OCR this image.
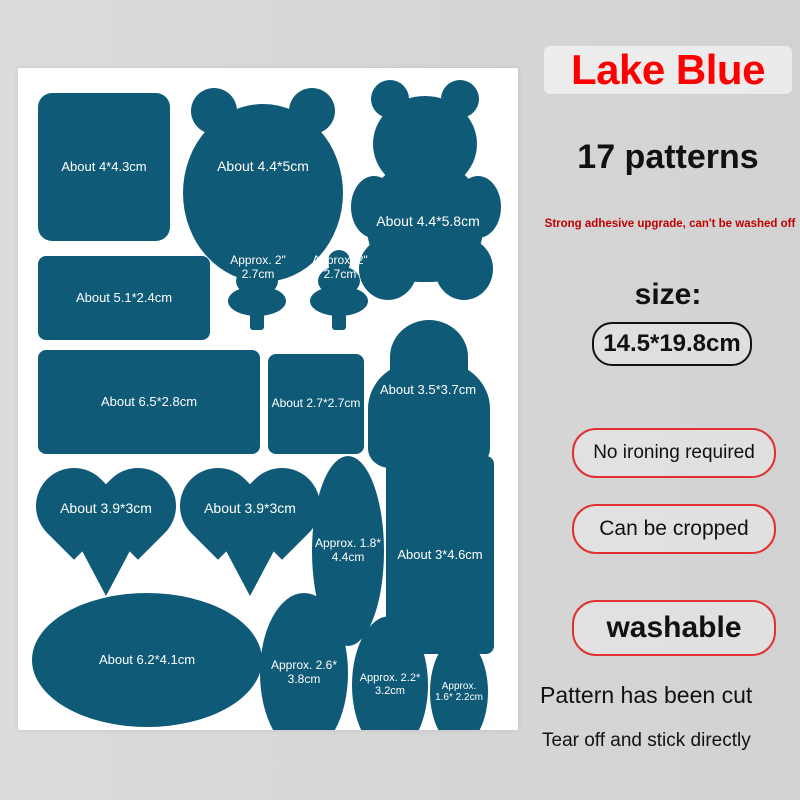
About 4*4.3cm	About 4.4*5cm
About 4.4*5.8cm
About 5.1*2.4cm
Approx. 2" 2.7cm
Approx. 2" 2.7cm
About 6.5*2.8cm	About 2.7*2.7cm
About 3.5*3.7cm
About 3.9*3cm	About 3.9*3cm
Approx. 1.8* 4.4cm	About 3*4.6cm
About 6.2*4.1cm	Approx. 2.6* 3.8cm	Approx. 2.2* 3.2cm	Approx. 1.6* 2.2cm
Lake Blue
17 patterns
Strong adhesive upgrade, can't be washed off
size:
14.5*19.8cm
No ironing required
Can be cropped
washable
Pattern has been cut
Tear off and stick directly
